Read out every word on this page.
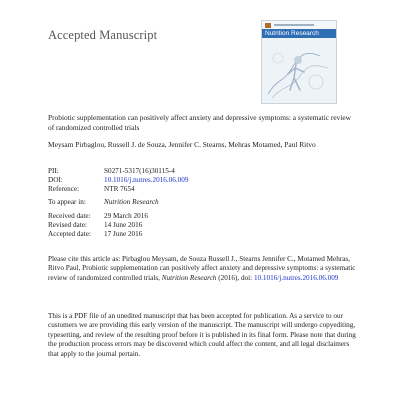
Accepted Manuscript	Nutrition Research
Probiotic supplementation can positively affect anxiety and depressive symptoms: a systematic review of randomized controlled trials
Meysam Pirbaglou, Russell J. de Souza, Jennifer C. Stearns, Mehras Motamed, Paul Ritvo
PII:	S0271-5317(16)30115-4
DOI:	10.1016/j.nutres.2016.06.009
Reference:	NTR 7654
To appear in:	Nutrition Research
Received date: 29 March 2016
Revised date: 14 June 2016
Accepted date: 17 June 2016
Please cite this article as: Pirbaglou Meysam, de Souza Russell J., Stearns Jennifer C., Motamed Mehras, Ritvo Paul, Probiotic supplementation can positively affect anxiety and depressive symptoms: a systematic review of randomized controlled trials, Nutrition Research (2016), doi: 10.1016/j.nutres.2016.06.009
This is a PDF file of an unedited manuscript that has been accepted for publication. As a service to our customers we are providing this early version of the manuscript. The manuscript will undergo copyediting, typesetting, and review of the resulting proof before it is published in its final form. Please note that during the production process errors may be discovered which could affect the content, and all legal disclaimers that apply to the journal pertain.
